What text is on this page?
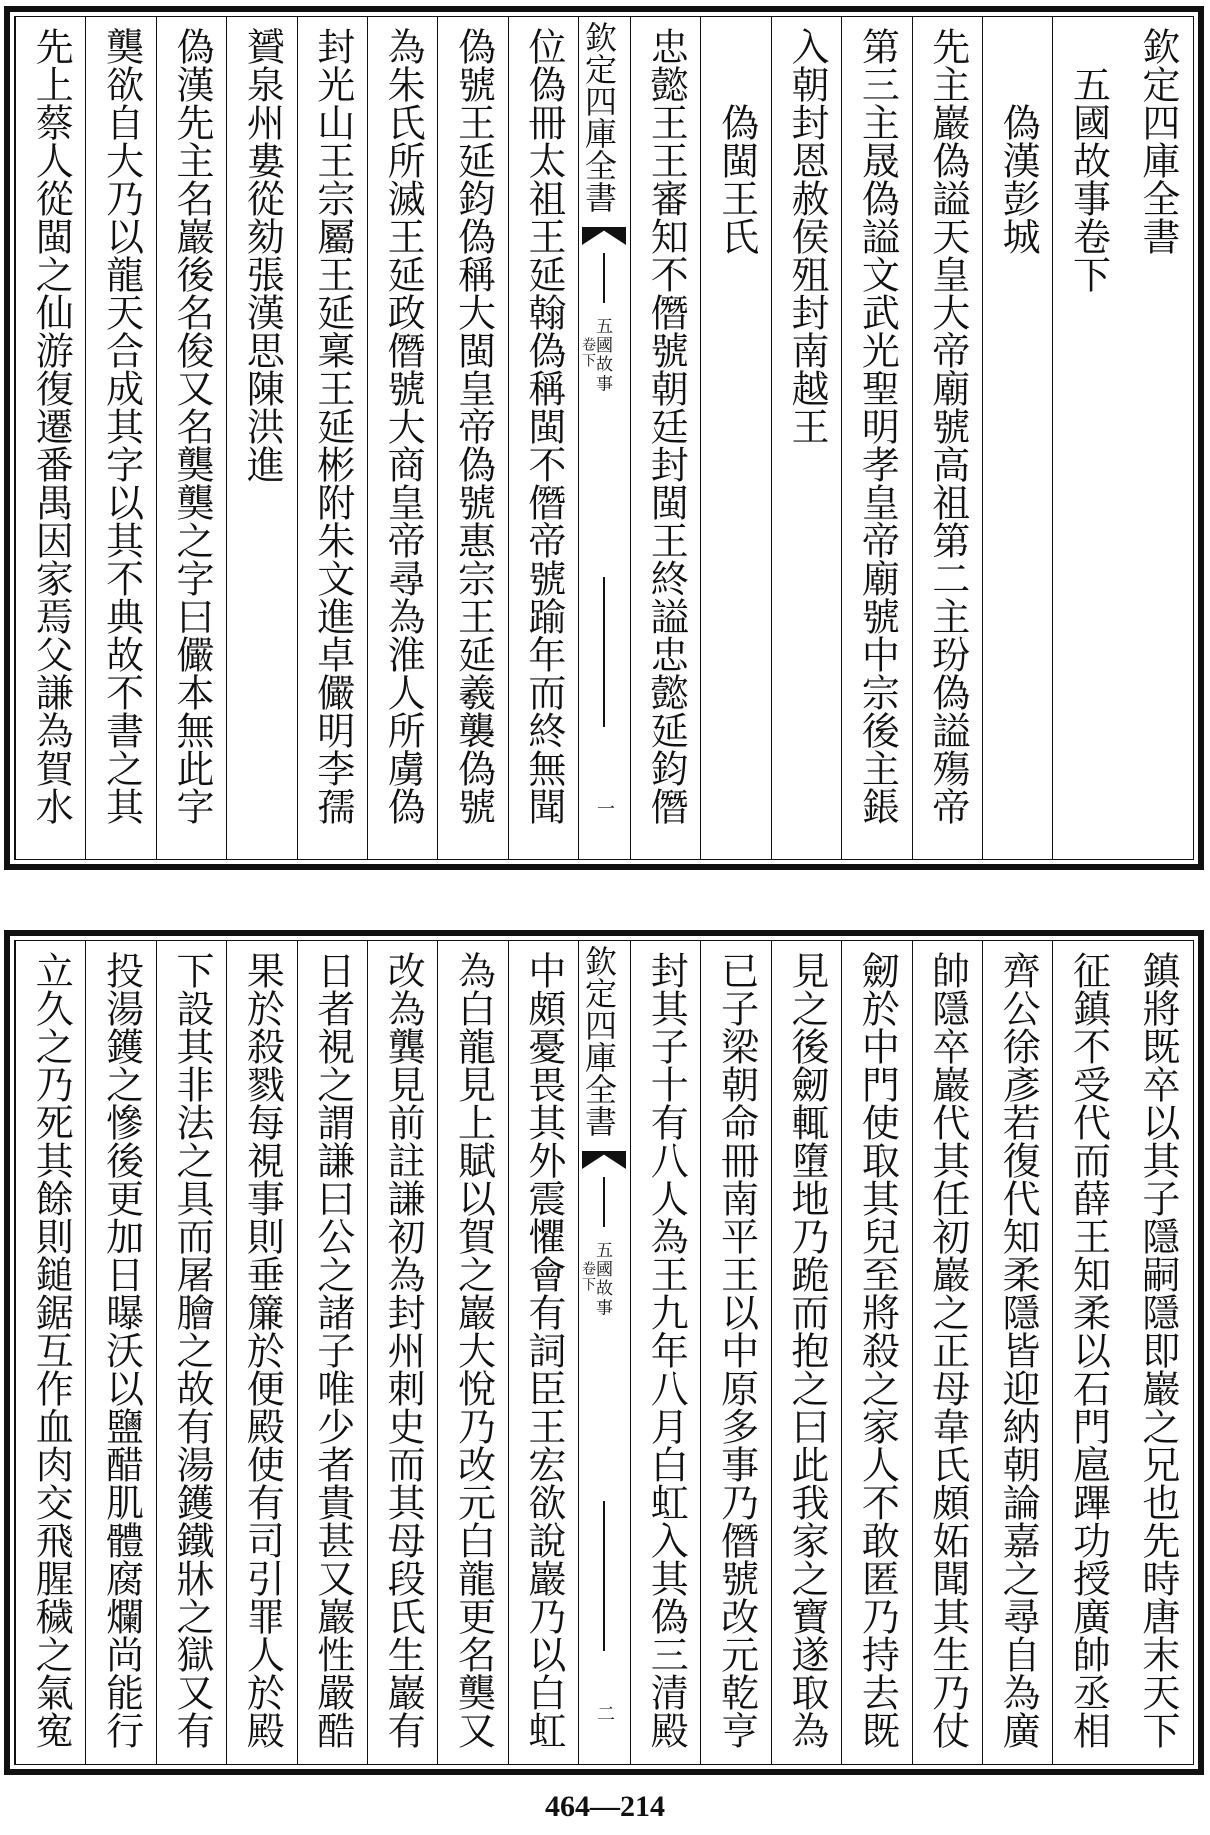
欽定四庫全書
　五國故事卷下
　　偽漢彭城
先主巖偽謚天皇大帝廟號高祖第二主玢偽謚殤帝
第三主晟偽謚文武光聖明孝皇帝廟號中宗後主鋹
入朝封恩赦侯殂封南越王
　　偽閩王氏
忠懿王王審知不僭號朝廷封閩王終謚忠懿延鈞僭
欽定四庫全書
五國故事
卷下
一
位偽冊太祖王延翰偽稱閩不僭帝號踰年而終無聞
偽號王延鈞偽稱大閩皇帝偽號惠宗王延羲襲偽號
為朱氏所滅王延政僭號大商皇帝尋為淮人所虜偽
封光山王宗屬王延稟王延彬附朱文進卓儼明李孺
贇泉州婁從劾張漢思陳洪進
偽漢先主名巖後名俊又名龑龑之字曰儼本無此字
龑欲自大乃以龍天合成其字以其不典故不書之其
先上蔡人從閩之仙游復遷番禺因家焉父謙為賀水
鎮將既卒以其子隱嗣隱即巖之兄也先時唐末天下
征鎮不受代而薛王知柔以石門扈蹕功授廣帥丞相
齊公徐彥若復代知柔隱皆迎納朝論嘉之尋自為廣
帥隱卒巖代其任初巖之正母韋氏頗妬聞其生乃仗
劒於中門使取其兒至將殺之家人不敢匿乃持去既
見之後劒輒墮地乃跪而抱之曰此我家之寶遂取為
已子梁朝命冊南平王以中原多事乃僭號改元乾亨
封其子十有八人為王九年八月白虹入其偽三清殿
欽定四庫全書
五國故事
卷下
二
中頗憂畏其外震懼會有詞臣王宏欲說巖乃以白虹
為白龍見上賦以賀之巖大悅乃改元白龍更名龑又
改為龔見前註謙初為封州刺史而其母段氏生巖有
日者視之謂謙曰公之諸子唯少者貴甚又巖性嚴酷
果於殺戮每視事則垂簾於便殿使有司引罪人於殿
下設其非法之具而屠膾之故有湯鑊鐵牀之獄又有
投湯鑊之慘後更加日曝沃以鹽醋肌體腐爛尚能行
立久之乃死其餘則鎚鋸互作血肉交飛腥穢之氣寃
464—214
